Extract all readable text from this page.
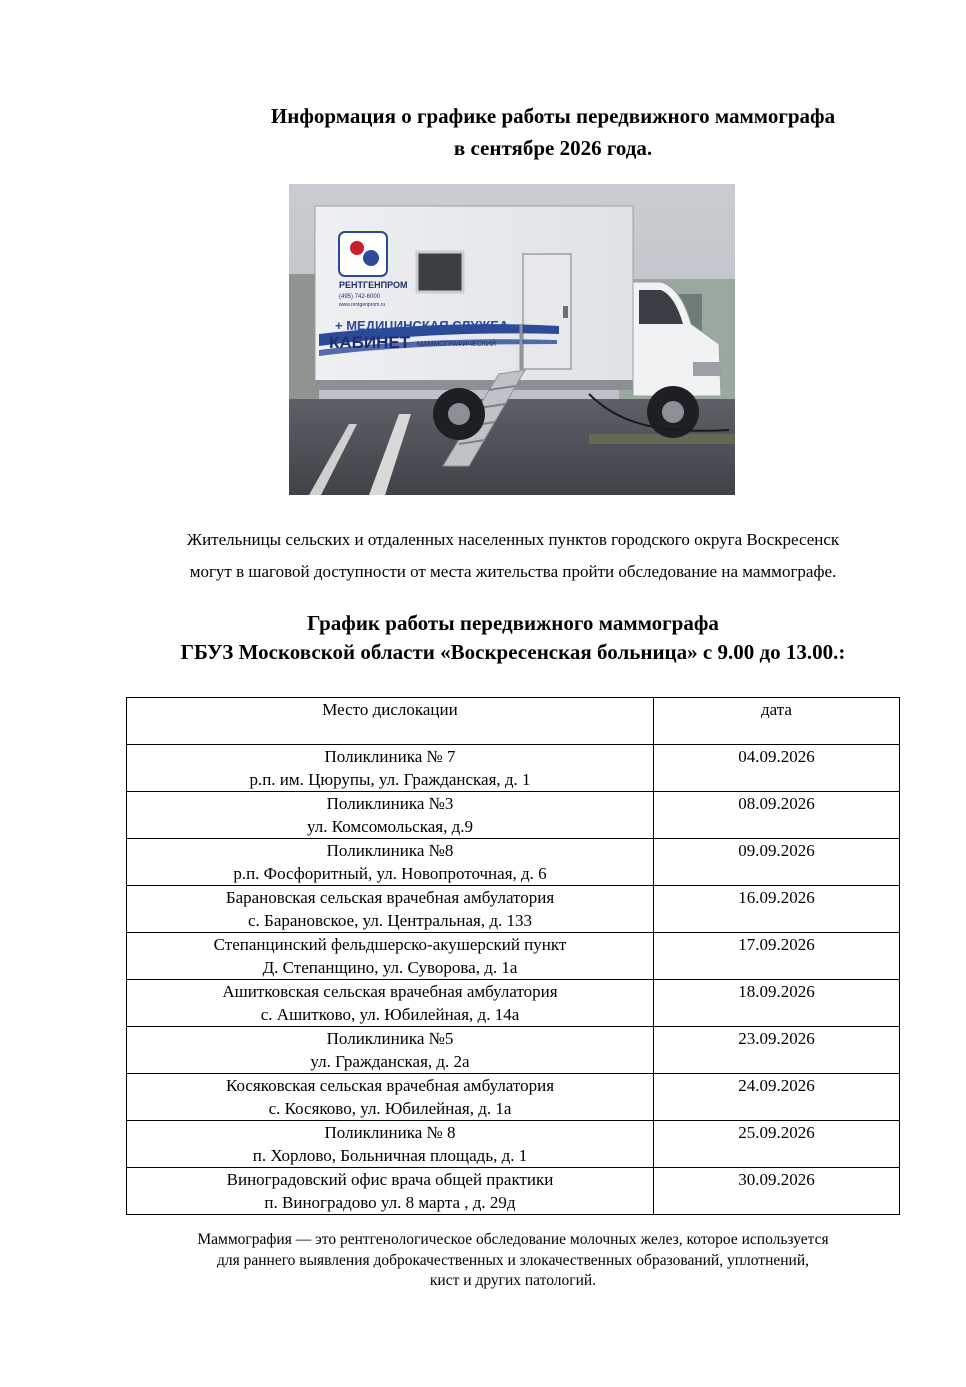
Информация о графике работы передвижного маммографа
в сентябре 2026 года.
РЕНТГЕНПРОМ
(495) 742-6000
www.rentgenprom.ru
+ МЕДИЦИНСКАЯ СЛУЖБА
КАБИНЕТ МАММОГРАФИЧЕСКИЙ
Жительницы сельских и отдаленных населенных пунктов городского округа Воскресенск
могут в шаговой доступности от места жительства пройти обследование на маммографе.
График работы передвижного маммографа
ГБУЗ Московской области «Воскресенская больница» с 9.00 до 13.00.:
Место дислокации	дата

Поликлиника № 7
р.п. им. Цюрупы, ул. Гражданская, д. 1	04.09.2026

Поликлиника №3
ул. Комсомольская, д.9	08.09.2026

Поликлиника №8
р.п. Фосфоритный, ул. Новопроточная, д. 6	09.09.2026

Барановская сельская врачебная амбулатория
с. Барановское, ул. Центральная, д. 133	16.09.2026

Степанцинский фельдшерско-акушерский пункт
Д. Степанщино, ул. Суворова, д. 1а	17.09.2026

Ашитковская сельская врачебная амбулатория
с. Ашитково, ул. Юбилейная, д. 14а	18.09.2026

Поликлиника №5
ул. Гражданская, д. 2а	23.09.2026

Косяковская сельская врачебная амбулатория
с. Косяково, ул. Юбилейная, д. 1а	24.09.2026

Поликлиника № 8
п. Хорлово, Больничная площадь, д. 1	25.09.2026

Виноградовский офис врача общей практики
п. Виноградово ул. 8 марта , д. 29д	30.09.2026
Маммография — это рентгенологическое обследование молочных желез, которое используется
для раннего выявления доброкачественных и злокачественных образований, уплотнений,
кист и других патологий.
